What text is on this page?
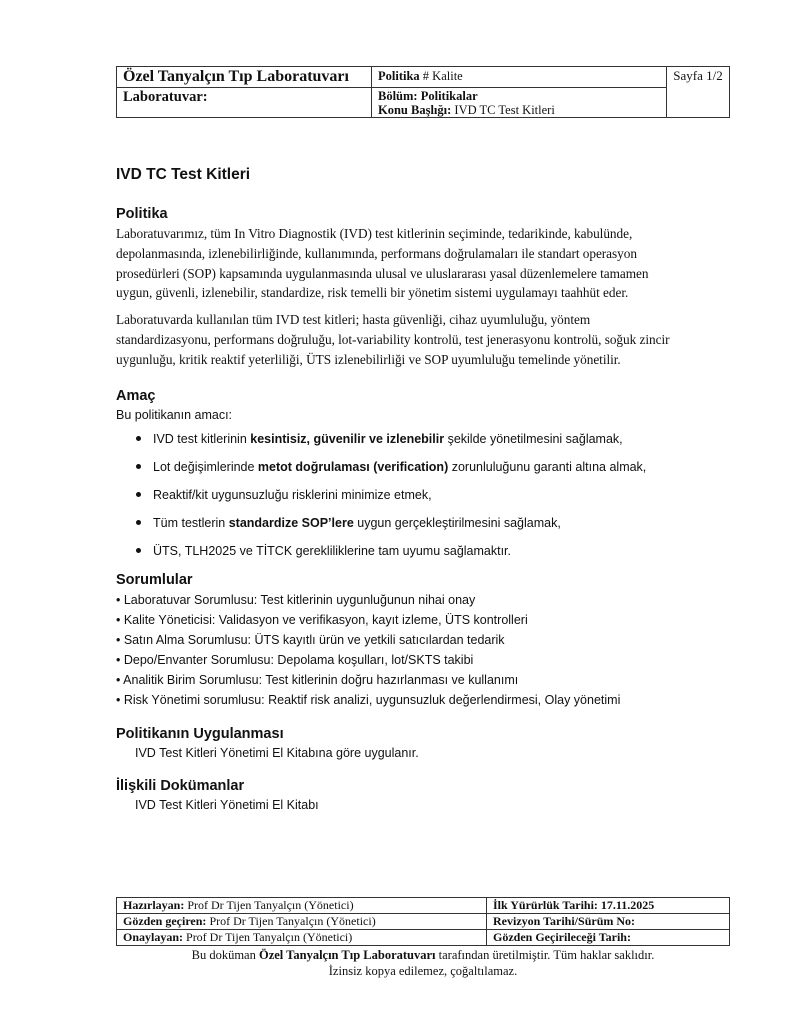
Özel Tanyalçın Tıp Laboratuvarı	Politika # Kalite	Sayfa 1/2

Laboratuvar:	Bölüm: Politikalar
Konu Başlığı: IVD TC Test Kitleri	
IVD TC Test Kitleri
Politika

Laboratuvarımız, tüm In Vitro Diagnostik (IVD) test kitlerinin seçiminde, tedarikinde, kabulünde, depolanmasında, izlenebilirliğinde, kullanımında, performans doğrulamaları ile standart operasyon prosedürleri (SOP) kapsamında uygulanmasında ulusal ve uluslararası yasal düzenlemelere tamamen uygun, güvenli, izlenebilir, standardize, risk temelli bir yönetim sistemi uygulamayı taahhüt eder.

Laboratuvarda kullanılan tüm IVD test kitleri; hasta güvenliği, cihaz uyumluluğu, yöntem standardizasyonu, performans doğruluğu, lot-variability kontrolü, test jenerasyonu kontrolü, soğuk zincir uygunluğu, kritik reaktif yeterliliği, ÜTS izlenebilirliği ve SOP uyumluluğu temelinde yönetilir.

Amaç

Bu politikanın amacı:

IVD test kitlerinin kesintisiz, güvenilir ve izlenebilir şekilde yönetilmesini sağlamak,
Lot değişimlerinde metot doğrulaması (verification) zorunluluğunu garanti altına almak,
Reaktif/kit uygunsuzluğu risklerini minimize etmek,
Tüm testlerin standardize SOP’lere uygun gerçekleştirilmesini sağlamak,
ÜTS, TLH2025 ve TİTCK gerekliliklerine tam uyumu sağlamaktır.
Sorumlular
• Laboratuvar Sorumlusu: Test kitlerinin uygunluğunun nihai onay
• Kalite Yöneticisi: Validasyon ve verifikasyon, kayıt izleme, ÜTS kontrolleri
• Satın Alma Sorumlusu: ÜTS kayıtlı ürün ve yetkili satıcılardan tedarik
• Depo/Envanter Sorumlusu: Depolama koşulları, lot/SKTS takibi
• Analitik Birim Sorumlusu: Test kitlerinin doğru hazırlanması ve kullanımı
• Risk Yönetimi sorumlusu: Reaktif risk analizi, uygunsuzluk değerlendirmesi, Olay yönetimi
Politikanın Uygulanması

IVD Test Kitleri Yönetimi El Kitabına göre uygulanır.

İlişkili Dokümanlar

IVD Test Kitleri Yönetimi El Kitabı

Hazırlayan: Prof Dr Tijen Tanyalçın (Yönetici)	İlk Yürürlük Tarihi: 17.11.2025
Gözden geçiren: Prof Dr Tijen Tanyalçın (Yönetici)	Revizyon Tarihi/Sürüm No:
Onaylayan: Prof Dr Tijen Tanyalçın (Yönetici)	Gözden Geçirileceği Tarih:
Bu doküman Özel Tanyalçın Tıp Laboratuvarı tarafından üretilmiştir. Tüm haklar saklıdır.
İzinsiz kopya edilemez, çoğaltılamaz.
